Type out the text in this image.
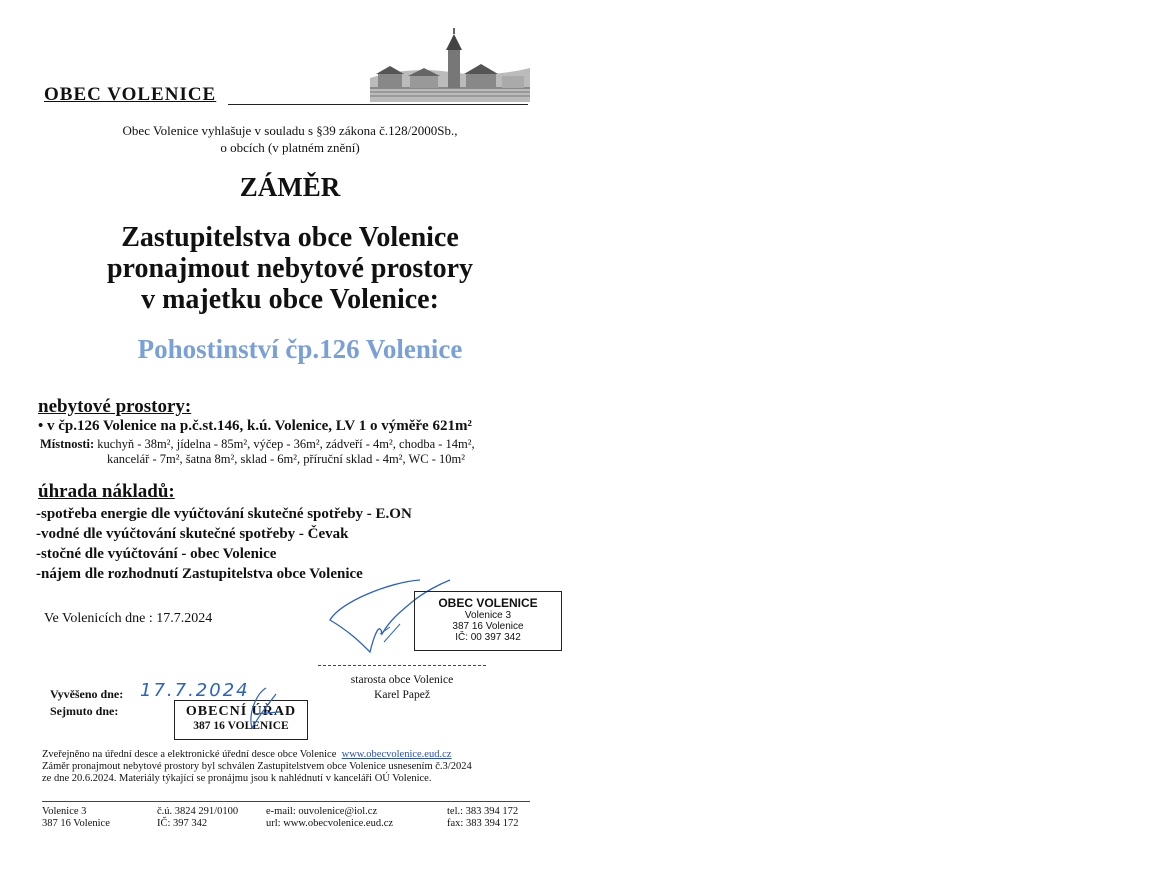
OBEC VOLENICE
Obec Volenice vyhlašuje v souladu s §39 zákona č.128/2000Sb.,
o obcích (v platném znění)
ZÁMĚR
Zastupitelstva obce Volenice
pronajmout nebytové prostory
v majetku obce Volenice:
Pohostinství čp.126 Volenice
nebytové prostory:
• v čp.126 Volenice na p.č.st.146, k.ú. Volenice, LV 1 o výměře 621m²
Místnosti: kuchyň - 38m², jídelna - 85m², výčep - 36m², zádveří - 4m², chodba - 14m²,
kancelář - 7m², šatna 8m², sklad - 6m², příruční sklad - 4m², WC - 10m²
úhrada nákladů:
-spotřeba energie dle vyúčtování skutečné spotřeby - E.ON
-vodné dle vyúčtování skutečné spotřeby - Čevak
-stočné dle vyúčtování - obec Volenice
-nájem dle rozhodnutí Zastupitelstva obce Volenice
Ve Volenicích dne : 17.7.2024
OBEC VOLENICE
Volenice 3
387 16 Volenice
IČ: 00 397 342
starosta obce Volenice
Karel Papež
Vyvěšeno dne: 17.7.2024
Sejmuto dne:	OBECNÍ ÚŘAD
387 16 VOLENICE
Zveřejněno na úřední desce a elektronické úřední desce obce Volenice www.obecvolenice.eud.cz
Záměr pronajmout nebytové prostory byl schválen Zastupitelstvem obce Volenice usnesením č.3/2024
ze dne 20.6.2024. Materiály týkající se pronájmu jsou k nahlédnutí v kanceláři OÚ Volenice.
Volenice 3
387 16 Volenice
č.ú. 3824 291/0100
IČ: 397 342
e-mail: ouvolenice@iol.cz
url: www.obecvolenice.eud.cz
tel.: 383 394 172
fax: 383 394 172
